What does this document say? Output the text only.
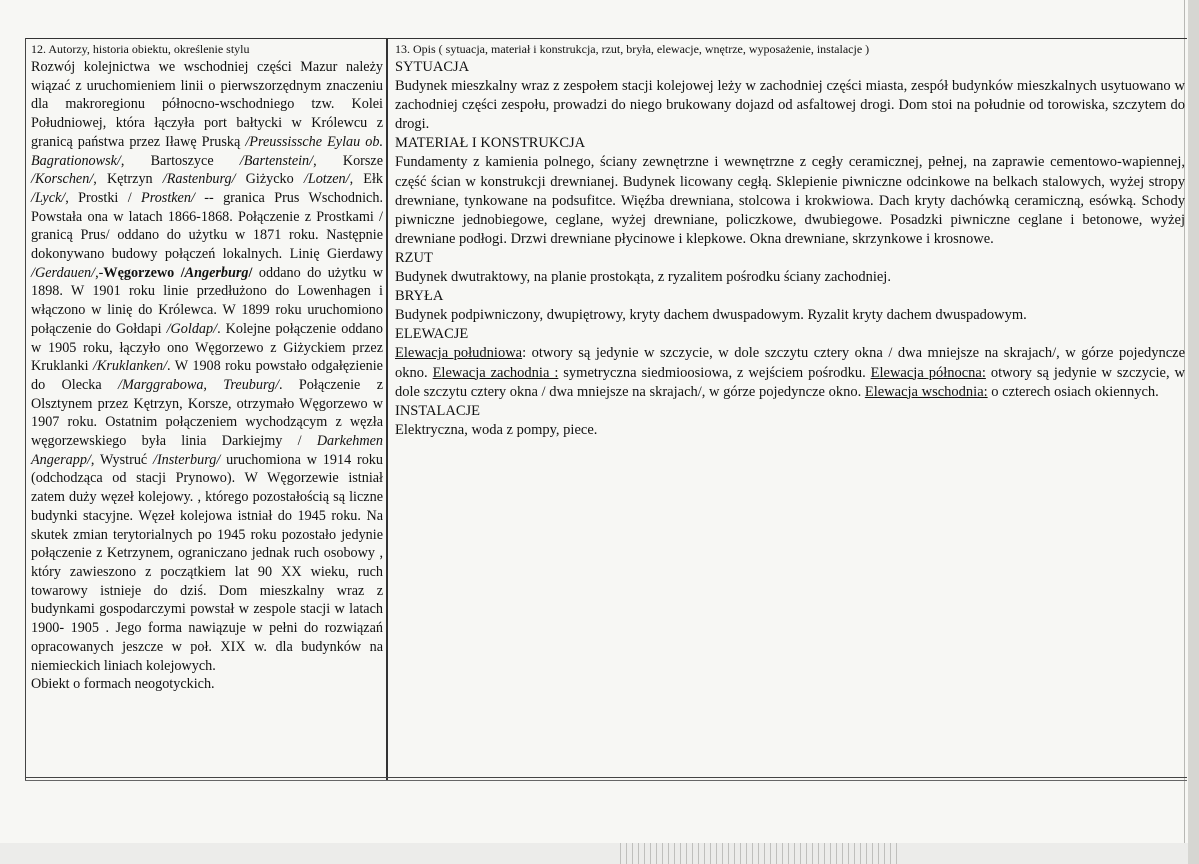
12. Autorzy, historia obiektu, określenie stylu

Rozwój kolejnictwa we wschodniej części Mazur należy wiązać z uruchomieniem linii o pierwszorzędnym znaczeniu dla makroregionu północno-wschodniego tzw. Kolei Południowej, która łączyła port bałtycki w Królewcu z granicą państwa przez Iławę Pruską /Preussissche Eylau ob. Bagrationowsk/, Bartoszyce /Bartenstein/, Korsze /Korschen/, Kętrzyn /Rastenburg/ Giżycko /Lotzen/, Ełk /Lyck/, Prostki / Prostken/ -- granica Prus Wschodnich. Powstała ona w latach 1866-1868. Połączenie z Prostkami / granicą Prus/ oddano do użytku w 1871 roku. Następnie dokonywano budowy połączeń lokalnych. Linię Gierdawy /Gerdauen/,-Węgorzewo /Angerburg/ oddano do użytku w 1898. W 1901 roku linie przedłużono do Lowenhagen i włączono w linię do Królewca. W 1899 roku uruchomiono połączenie do Gołdapi /Goldap/. Kolejne połączenie oddano w 1905 roku, łączyło ono Węgorzewo z Giżyckiem przez Kruklanki /Kruklanken/. W 1908 roku powstało odgałęzienie do Olecka /Marggrabowa, Treuburg/. Połączenie z Olsztynem przez Kętrzyn, Korsze, otrzymało Węgorzewo w 1907 roku. Ostatnim połączeniem wychodzącym z węzła węgorzewskiego była linia Darkiejmy / Darkehmen Angerapp/, Wystruć /Insterburg/ uruchomiona w 1914 roku (odchodząca od stacji Prynowo). W Węgorzewie istniał zatem duży węzeł kolejowy. , którego pozostałością są liczne budynki stacyjne. Węzeł kolejowa istniał do 1945 roku. Na skutek zmian terytorialnych po 1945 roku pozostało jedynie połączenie z Ketrzynem, ograniczano jednak ruch osobowy , który zawieszono z początkiem lat 90 XX wieku, ruch towarowy istnieje do dziś. Dom mieszkalny wraz z budynkami gospodarczymi powstał w zespole stacji w latach 1900- 1905 . Jego forma nawiązuje w pełni do rozwiązań opracowanych jeszcze w poł. XIX w. dla budynków na niemieckich liniach kolejowych.

Obiekt o formach neogotyckich.

13. Opis ( sytuacja, materiał i konstrukcja, rzut, bryła, elewacje, wnętrze, wyposażenie, instalacje )

SYTUACJA

Budynek mieszkalny wraz z zespołem stacji kolejowej leży w zachodniej części miasta, zespół budynków mieszkalnych usytuowano w zachodniej części zespołu, prowadzi do niego brukowany dojazd od asfaltowej drogi. Dom stoi na południe od torowiska, szczytem do drogi.

MATERIAŁ I KONSTRUKCJA

Fundamenty z kamienia polnego, ściany zewnętrzne i wewnętrzne z cegły ceramicznej, pełnej, na zaprawie cementowo-wapiennej, część ścian w konstrukcji drewnianej. Budynek licowany cegłą. Sklepienie piwniczne odcinkowe na belkach stalowych, wyżej stropy drewniane, tynkowane na podsufitce. Więźba drewniana, stolcowa i krokwiowa. Dach kryty dachówką ceramiczną, esówką. Schody piwniczne jednobiegowe, ceglane, wyżej drewniane, policzkowe, dwubiegowe. Posadzki piwniczne ceglane i betonowe, wyżej drewniane podłogi. Drzwi drewniane płycinowe i klepkowe. Okna drewniane, skrzynkowe i krosnowe.

RZUT

Budynek dwutraktowy, na planie prostokąta, z ryzalitem pośrodku ściany zachodniej.

BRYŁA

Budynek podpiwniczony, dwupiętrowy, kryty dachem dwuspadowym. Ryzalit kryty dachem dwuspadowym.

ELEWACJE

Elewacja południowa: otwory są jedynie w szczycie, w dole szczytu cztery okna / dwa mniejsze na skrajach/, w górze pojedyncze okno. Elewacja zachodnia : symetryczna siedmioosiowa, z wejściem pośrodku. Elewacja północna: otwory są jedynie w szczycie, w dole szczytu cztery okna / dwa mniejsze na skrajach/, w górze pojedyncze okno. Elewacja wschodnia: o czterech osiach okiennych.

INSTALACJE

Elektryczna, woda z pompy, piece.
